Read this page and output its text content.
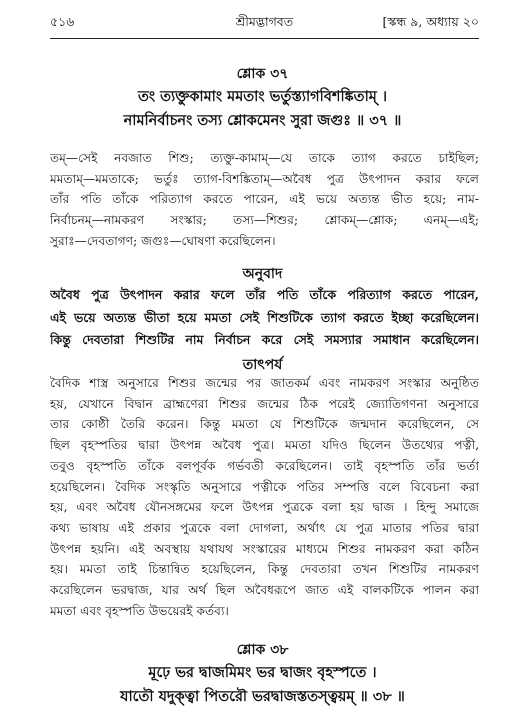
৫১৬	শ্রীমদ্ভাগবত	[স্কন্ধ ৯, অধ্যায় ২০
শ্লোক ৩৭
তং ত্যক্তুকামাং মমতাং ভর্তুস্ত্যাগবিশঙ্কিতাম্ ।
নামনির্বাচনং তস্য শ্লোকমেনং সুরা জগুঃ ॥ ৩৭ ॥
তম্—সেই নবজাত শিশু; ত্যক্তু-কামাম্—যে তাকে ত্যাগ করতে চাইছিল;
মমতাম্—মমতাকে; ভর্তুঃ ত্যাগ-বিশঙ্কিতাম্—অবৈধ পুত্র উৎপাদন করার ফলে
তাঁর পতি তাঁকে পরিত্যাগ করতে পারেন, এই ভয়ে অত্যন্ত ভীত হয়ে; নাম-
নির্বাচনম্—নামকরণ সংস্কার; তস্য—শিশুর; শ্লোকম্—শ্লোক; এনম্—এই;
সুরাঃ—দেবতাগণ; জগুঃ—ঘোষণা করেছিলেন।
অনুবাদ
অবৈধ পুত্র উৎপাদন করার ফলে তাঁর পতি তাঁকে পরিত্যাগ করতে পারেন,
এই ভয়ে অত্যন্ত ভীতা হয়ে মমতা সেই শিশুটিকে ত্যাগ করতে ইচ্ছা করেছিলেন।
কিন্তু দেবতারা শিশুটির নাম নির্বাচন করে সেই সমস্যার সমাধান করেছিলেন।
তাৎপর্য
বৈদিক শাস্ত্র অনুসারে শিশুর জন্মের পর জাতকর্ম এবং নামকরণ সংস্কার অনুষ্ঠিত
হয়, যেখানে বিদ্বান ব্রাহ্মণেরা শিশুর জন্মের ঠিক পরেই জ্যোতিগণনা অনুসারে
তার কোষ্ঠী তৈরি করেন। কিন্তু মমতা যে শিশুটিকে জন্মদান করেছিলেন, সে
ছিল বৃহস্পতির দ্বারা উৎপন্ন অবৈধ পুত্র। মমতা যদিও ছিলেন উতথ্যের পত্নী,
তবুও বৃহস্পতি তাঁকে বলপূর্বক গর্ভবতী করেছিলেন। তাই বৃহস্পতি তাঁর ভর্তা
হয়েছিলেন। বৈদিক সংস্কৃতি অনুসারে পত্নীকে পতির সম্পত্তি বলে বিবেচনা করা
হয়, এবং অবৈধ যৌনসঙ্গমের ফলে উৎপন্ন পুত্রকে বলা হয় দ্বাজ । হিন্দু সমাজে
কথ্য ভাষায় এই প্রকার পুত্রকে বলা দোগলা, অর্থাৎ যে পুত্র মাতার পতির দ্বারা
উৎপন্ন হয়নি। এই অবস্থায় যথাযথ সংস্কারের মাধ্যমে শিশুর নামকরণ করা কঠিন
হয়। মমতা তাই চিন্তান্বিত হয়েছিলেন, কিন্তু দেবতারা তখন শিশুটির নামকরণ
করেছিলেন ভরদ্বাজ, যার অর্থ ছিল অবৈধরূপে জাত এই বালকটিকে পালন করা
মমতা এবং বৃহস্পতি উভয়েরই কর্তব্য।
শ্লোক ৩৮
মূঢ়ে ভর দ্বাজমিমং ভর দ্বাজং বৃহস্পতে ।
যাতৌ যদুক্ত্বা পিতরৌ ভরদ্বাজস্ততস্ত্বয়ম্ ॥ ৩৮ ॥
